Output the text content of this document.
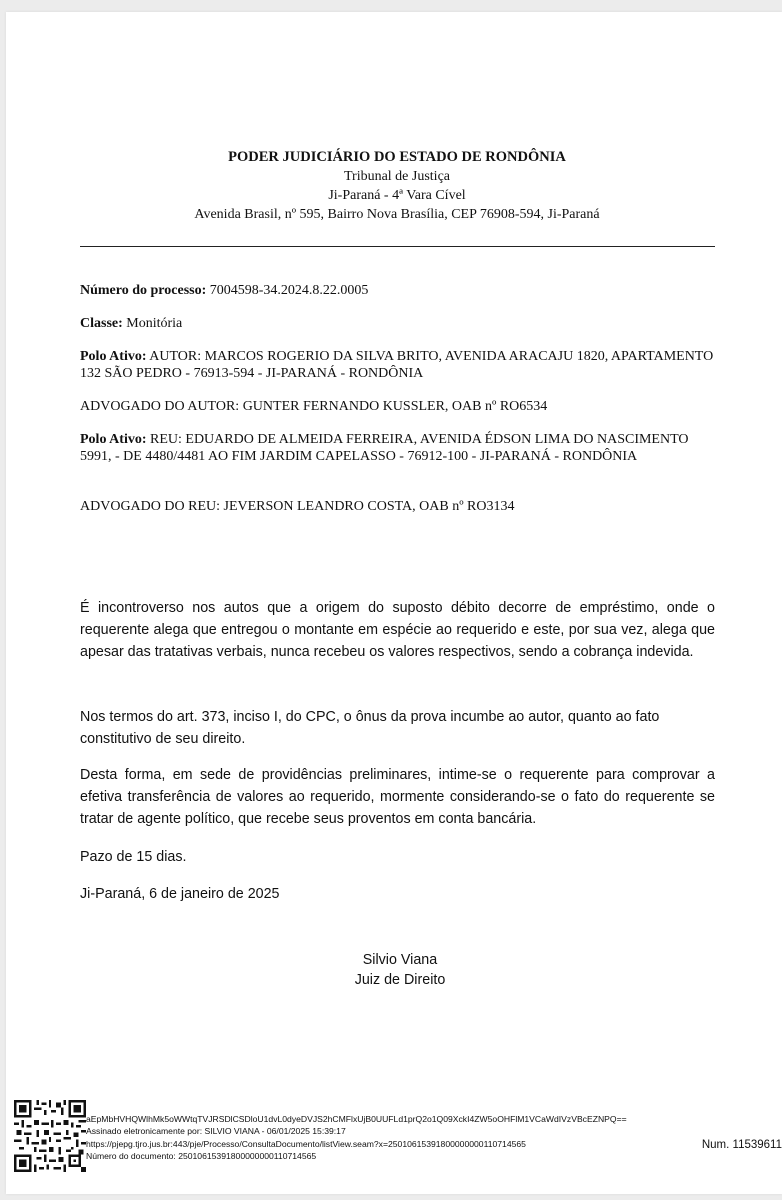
PODER JUDICIÁRIO DO ESTADO DE RONDÔNIA
Tribunal de Justiça
Ji-Paraná - 4ª Vara Cível
Avenida Brasil, nº 595, Bairro Nova Brasília, CEP 76908-594, Ji-Paraná
Número do processo: 7004598-34.2024.8.22.0005
Classe: Monitória
Polo Ativo: AUTOR: MARCOS ROGERIO DA SILVA BRITO, AVENIDA ARACAJU 1820, APARTAMENTO 132 SÃO PEDRO - 76913-594 - JI-PARANÁ - RONDÔNIA
ADVOGADO DO AUTOR: GUNTER FERNANDO KUSSLER, OAB nº RO6534
Polo Ativo: REU: EDUARDO DE ALMEIDA FERREIRA, AVENIDA ÉDSON LIMA DO NASCIMENTO 5991, - DE 4480/4481 AO FIM JARDIM CAPELASSO - 76912-100 - JI-PARANÁ - RONDÔNIA
ADVOGADO DO REU: JEVERSON LEANDRO COSTA, OAB nº RO3134
É incontroverso nos autos que a origem do suposto débito decorre de empréstimo, onde o requerente alega que entregou o montante em espécie ao requerido e este, por sua vez, alega que apesar das tratativas verbais, nunca recebeu os valores respectivos, sendo a cobrança indevida.
Nos termos do art. 373, inciso I, do CPC, o ônus da prova incumbe ao autor, quanto ao fato constitutivo de seu direito.
Desta forma, em sede de providências preliminares, intime-se o requerente para comprovar a efetiva transferência de valores ao requerido, mormente considerando-se o fato do requerente se tratar de agente político, que recebe seus proventos em conta bancária.
Pazo de 15 dias.
Ji-Paraná, 6 de janeiro de 2025
Silvio Viana
Juiz de Direito
aEpMbHVHQWlhMk5oWWtqTVJRSDlCSDloU1dvL0dyeDVJS2hCMFlxUjB0UUFLd1prQ2o1Q09XckI4ZW5oOHFlM1VCaWdIVzVBcEZNPQ==
Assinado eletronicamente por: SILVIO VIANA - 06/01/2025 15:39:17
https://pjepg.tjro.jus.br:443/pje/Processo/ConsultaDocumento/listView.seam?x=25010615391800000000110714565
Número do documento: 25010615391800000000110714565
Num. 11539611
